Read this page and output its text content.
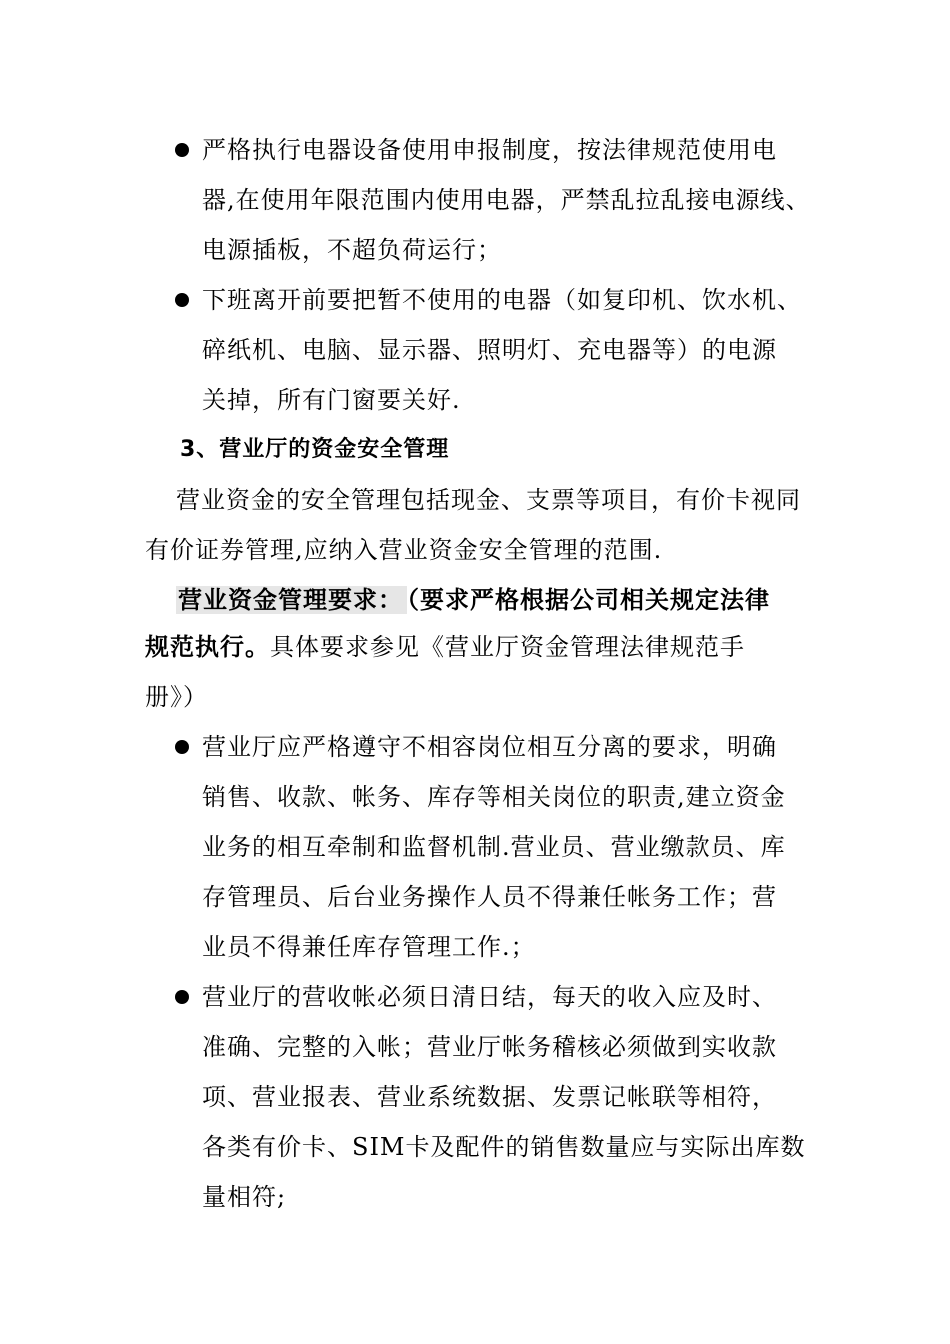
严格执行电器设备使用申报制度，按法律规范使用电
器,在使用年限范围内使用电器，严禁乱拉乱接电源线、
电源插板，不超负荷运行；
下班离开前要把暂不使用的电器（如复印机、饮水机、
碎纸机、电脑、显示器、照明灯、充电器等）的电源
关掉，所有门窗要关好.
3、营业厅的资金安全管理
营业资金的安全管理包括现金、支票等项目，有价卡视同
有价证券管理,应纳入营业资金安全管理的范围.
营业资金管理要求： （要求严格根据公司相关规定法律
规范执行。具体要求参见《营业厅资金管理法律规范手
册》）
营业厅应严格遵守不相容岗位相互分离的要求，明确
销售、收款、帐务、库存等相关岗位的职责,建立资金
业务的相互牵制和监督机制.营业员、营业缴款员、库
存管理员、后台业务操作人员不得兼任帐务工作；营
业员不得兼任库存管理工作.；
营业厅的营收帐必须日清日结，每天的收入应及时、
准确、完整的入帐；营业厅帐务稽核必须做到实收款
项、营业报表、营业系统数据、发票记帐联等相符，
各类有价卡、SIM卡及配件的销售数量应与实际出库数
量相符;
